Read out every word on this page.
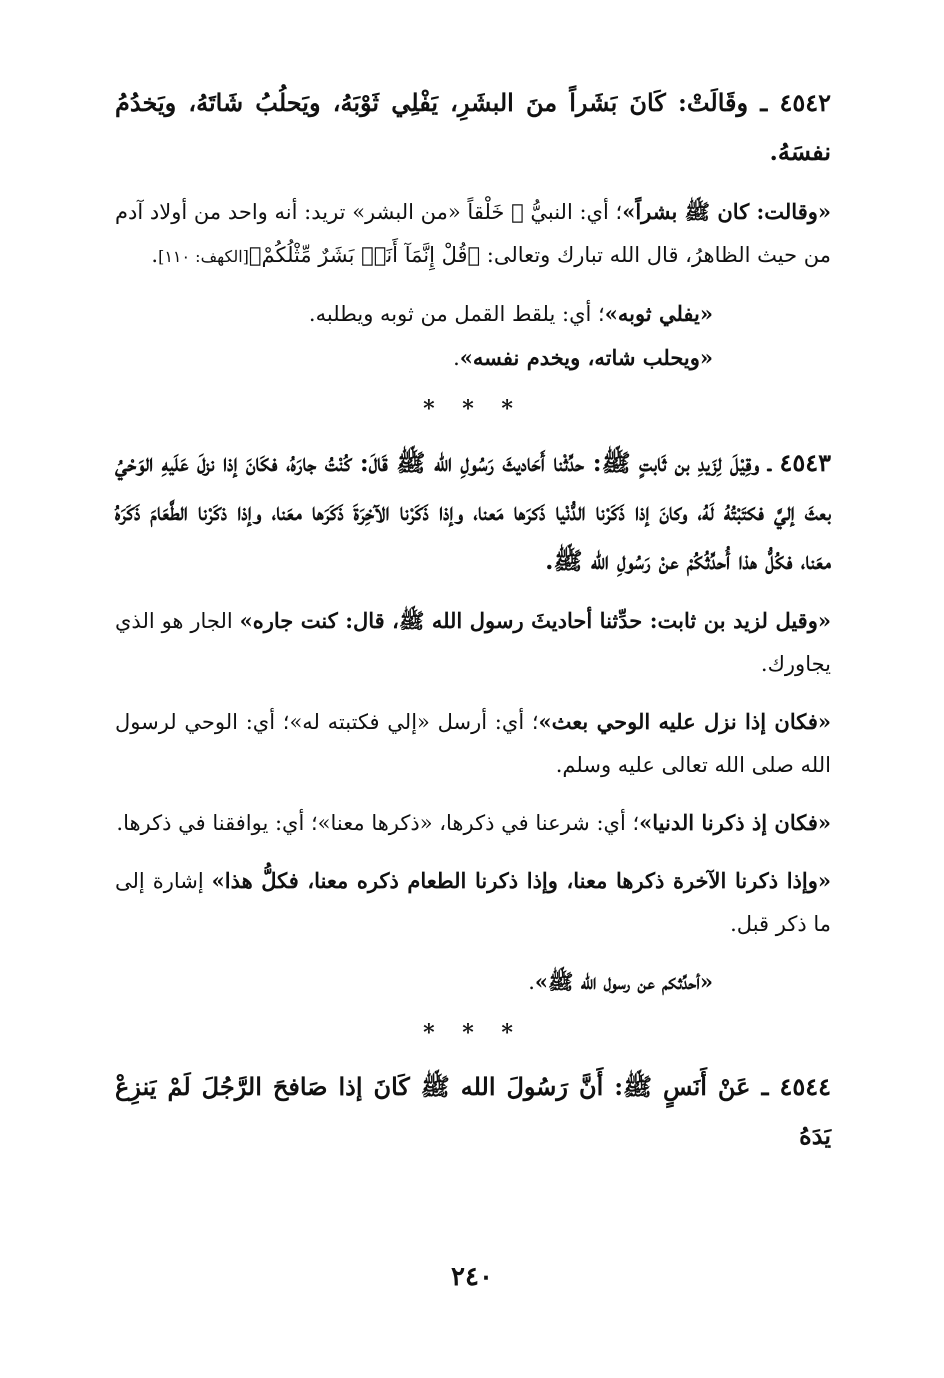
٤٥٤٢ ـ وقَالَتْ: كَانَ بَشَراً منَ البشَرِ، يَفْلِي ثَوْبَهُ، ويَحلُبُ شَاتَهُ، ويَخدُمُ نفسَهُ.

«وقالت: كان ﷺ بشراً»؛ أي: النبيُّ ﷺ خَلْقاً «من البشر» تريد: أنه واحد من أولاد آدم من حيث الظاهرُ، قال الله تبارك وتعالى: ﴿قُلْ إِنَّمَآ أَنَا۠ بَشَرٌ مِّثْلُكُمْ﴾[الكهف: ١١٠].

«يفلي ثوبه»؛ أي: يلقط القمل من ثوبه ويطلبه.

«ويحلب شاته، ويخدم نفسه».

* * *

٤٥٤٣ ـ وقِيْلَ لِزَيدِ بن ثَابتٍ ﷺ: حدِّثْنا أَحَاديثَ رَسُولِ الله ﷺ قَالَ: كُنْتُ جارَهُ، فكَانَ إذا نزلَ عَلَيهِ الوَحْيُ بعثَ إليَّ فكتَبْتُهُ لَهُ، وكانَ إذا ذَكَرْنا الدُّنْيا ذَكرَها مَعنا، وإذا ذَكَرْنا الآخِرَةَ ذَكَرَها معَنا، وإذا ذكَرْنا الطَّعَامَ ذَكَرَهُ معَنا، فكُلُّ هذا أُحدِّثُكُمْ عنْ رَسُولِ الله ﷺ.

«وقيل لزيد بن ثابت: حدِّثنا أحاديثَ رسول الله ﷺ، قال: كنت جاره» الجار هو الذي يجاورك.

«فكان إذا نزل عليه الوحي بعث»؛ أي: أرسل «إلي فكتبته له»؛ أي: الوحي لرسول الله صلى الله تعالى عليه وسلم.

«فكان إذ ذكرنا الدنيا»؛ أي: شرعنا في ذكرها، «ذكرها معنا»؛ أي: يوافقنا في ذكرها.

«وإذا ذكرنا الآخرة ذكرها معنا، وإذا ذكرنا الطعام ذكره معنا، فكلُّ هذا» إشارة إلى ما ذكر قبل.

«أحدِّثكم عن رسول الله ﷺ».

* * *

٤٥٤٤ ـ عَنْ أَنَسٍ ﷺ: أَنَّ رَسُولَ الله ﷺ كَانَ إذا صَافحَ الرَّجُلَ لَمْ يَنزِعْ يَدَهُ

٢٤٠
